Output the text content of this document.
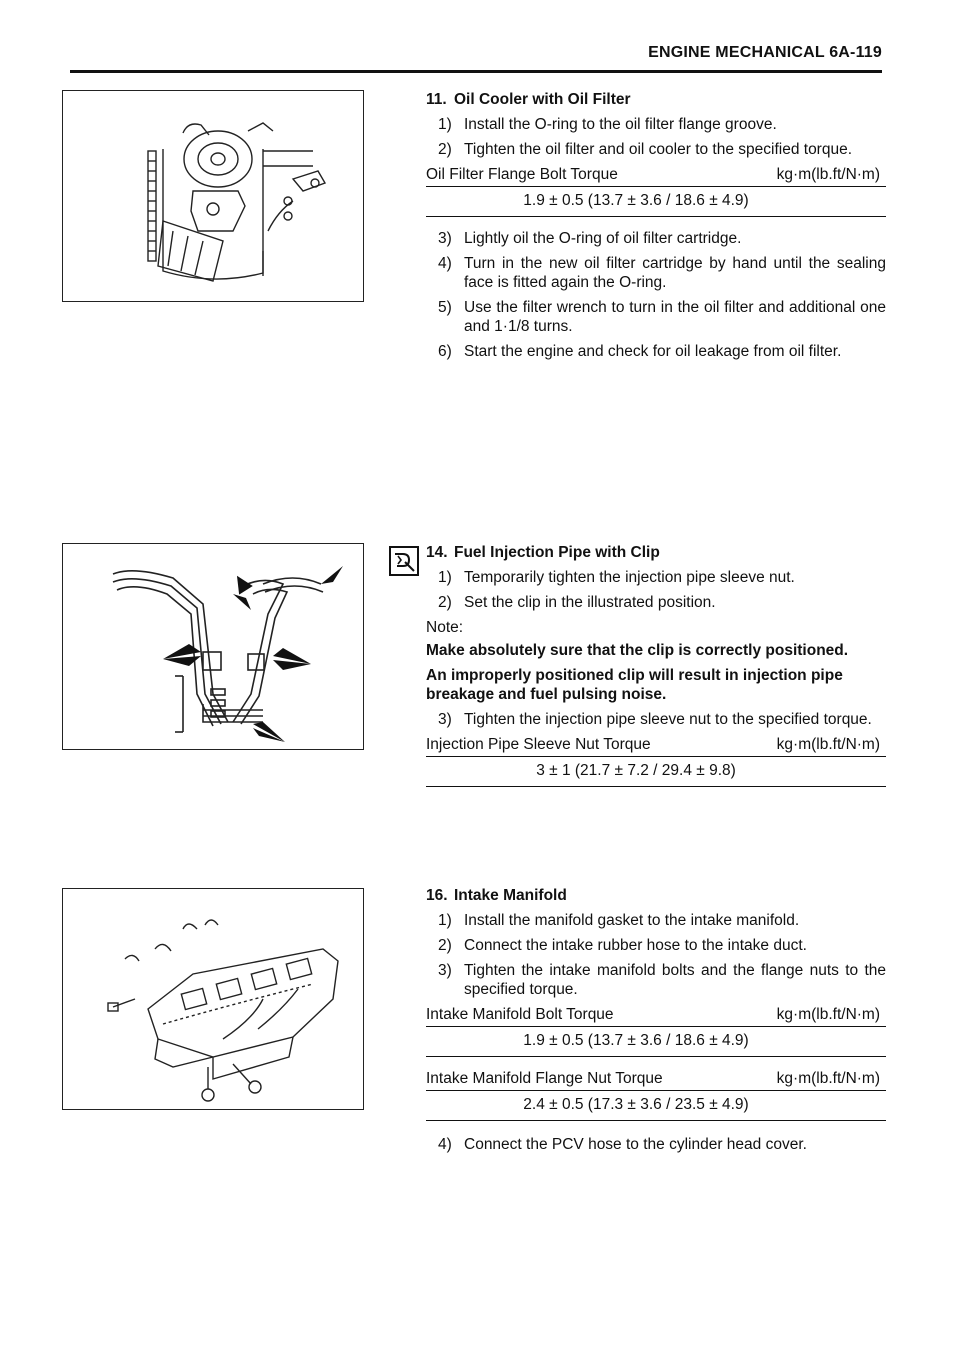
ENGINE MECHANICAL 6A-119
11. Oil Cooler with Oil Filter
1) Install the O-ring to the oil filter flange groove.
2) Tighten the oil filter and oil cooler to the specified torque.
Oil Filter Flange Bolt Torque	kg·m(lb.ft/N·m)
1.9 ± 0.5 (13.7 ± 3.6 / 18.6 ± 4.9)
3) Lightly oil the O-ring of oil filter cartridge.
4) Turn in the new oil filter cartridge by hand until the sealing face is fitted again the O-ring.
5) Use the filter wrench to turn in the oil filter and additional one and 1·1/8 turns.
6) Start the engine and check for oil leakage from oil filter.
14. Fuel Injection Pipe with Clip
1) Temporarily tighten the injection pipe sleeve nut.
2) Set the clip in the illustrated position.
Note:
Make absolutely sure that the clip is correctly positioned.
An improperly positioned clip will result in injection pipe breakage and fuel pulsing noise.
3) Tighten the injection pipe sleeve nut to the specified torque.
Injection Pipe Sleeve Nut Torque	kg·m(lb.ft/N·m)
3 ± 1 (21.7 ± 7.2 / 29.4 ± 9.8)
16. Intake Manifold
1) Install the manifold gasket to the intake manifold.
2) Connect the intake rubber hose to the intake duct.
3) Tighten the intake manifold bolts and the flange nuts to the specified torque.
Intake Manifold Bolt Torque	kg·m(lb.ft/N·m)
1.9 ± 0.5 (13.7 ± 3.6 / 18.6 ± 4.9)
Intake Manifold Flange Nut Torque	kg·m(lb.ft/N·m)
2.4 ± 0.5 (17.3 ± 3.6 / 23.5 ± 4.9)
4) Connect the PCV hose to the cylinder head cover.
